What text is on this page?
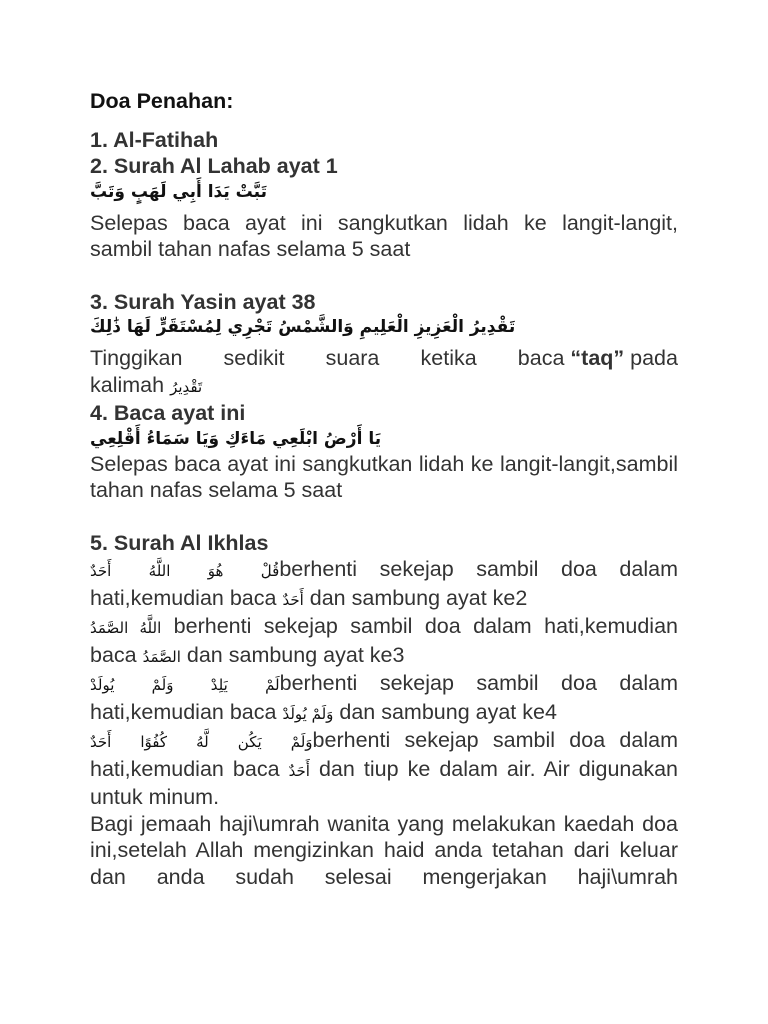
Doa Penahan:
1. Al-Fatihah
2. Surah Al Lahab ayat 1
تَبَّتْ يَدَا أَبِي لَهَبٍ وَتَبَّ
Selepas baca ayat ini sangkutkan lidah ke langit-langit, sambil tahan nafas selama 5 saat
3. Surah Yasin ayat 38
تَقْدِيرُ الْعَزِيزِ الْعَلِيمِ وَالشَّمْسُ تَجْرِي لِمُسْتَقَرٍّ لَهَا ذَٰلِكَ
Tinggikan sedikit suara ketika baca “taq” pada
kalimah تَقْدِيرُ
4. Baca ayat ini
يَا أَرْضُ ابْلَعِي مَاءَكِ وَيَا سَمَاءُ أَقْلِعِي
Selepas baca ayat ini sangkutkan lidah ke langit-langit,sambil tahan nafas selama 5 saat
5. Surah Al Ikhlas
قُلْ هُوَ اللَّهُ أَحَدٌberhenti sekejap sambil doa dalam hati,kemudian baca أَحَدٌ dan sambung ayat ke2
اللَّهُ الصَّمَدُ berhenti sekejap sambil doa dalam hati,kemudian baca الصَّمَدُ dan sambung ayat ke3
لَمْ يَلِدْ وَلَمْ يُولَدْberhenti sekejap sambil doa dalam hati,kemudian baca وَلَمْ يُولَدْ dan sambung ayat ke4
وَلَمْ يَكُن لَّهُ كُفُوًا أَحَدٌberhenti sekejap sambil doa dalam hati,kemudian baca أَحَدٌ dan tiup ke dalam air. Air digunakan untuk minum.
Bagi jemaah haji\umrah wanita yang melakukan kaedah doa ini,setelah Allah mengizinkan haid anda tetahan dari keluar dan anda sudah selesai mengerjakan haji\umrah
